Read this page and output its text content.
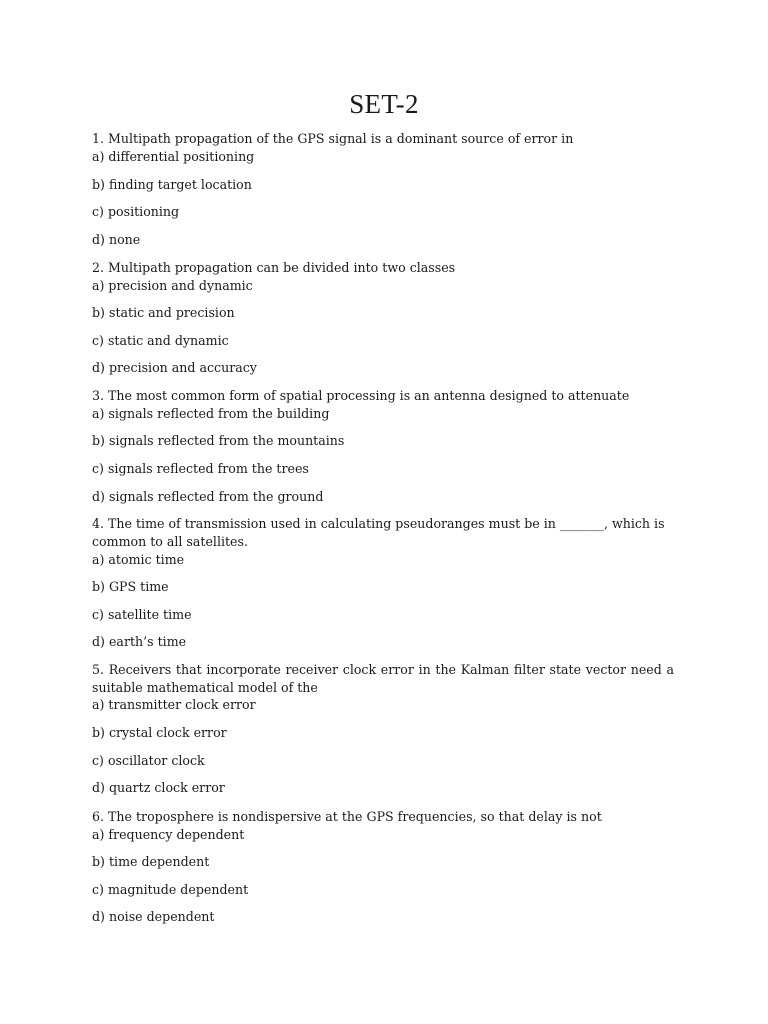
SET-2
1. Multipath propagation of the GPS signal is a dominant source of error in
a) differential positioning
b) finding target location
c) positioning
d) none
2. Multipath propagation can be divided into two classes
a) precision and dynamic
b) static and precision
c) static and dynamic
d) precision and accuracy
3. The most common form of spatial processing is an antenna designed to attenuate
a) signals reflected from the building
b) signals reflected from the mountains
c) signals reflected from the trees
d) signals reflected from the ground
4. The time of transmission used in calculating pseudoranges must be in _______, which is
common to all satellites.
a) atomic time
b) GPS time
c) satellite time
d) earth’s time
5. Receivers that incorporate receiver clock error in the Kalman filter state vector need a
suitable mathematical model of the
a) transmitter clock error
b) crystal clock error
c) oscillator clock
d) quartz clock error
6. The troposphere is nondispersive at the GPS frequencies, so that delay is not
a) frequency dependent
b) time dependent
c) magnitude dependent
d) noise dependent
